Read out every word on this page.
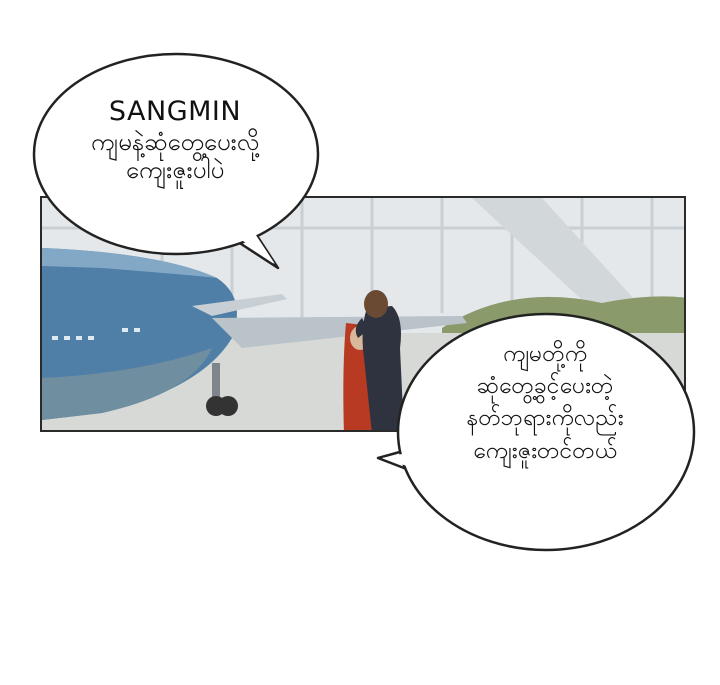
SANGMIN
ကျမနဲ့ဆုံတွေ့ပေးလို့
ကျေးဇူးပါပဲ
ကျမတို့ကို
ဆုံတွေ့ခွင့်ပေးတဲ့
နတ်ဘုရားကိုလည်း
ကျေးဇူးတင်တယ်
